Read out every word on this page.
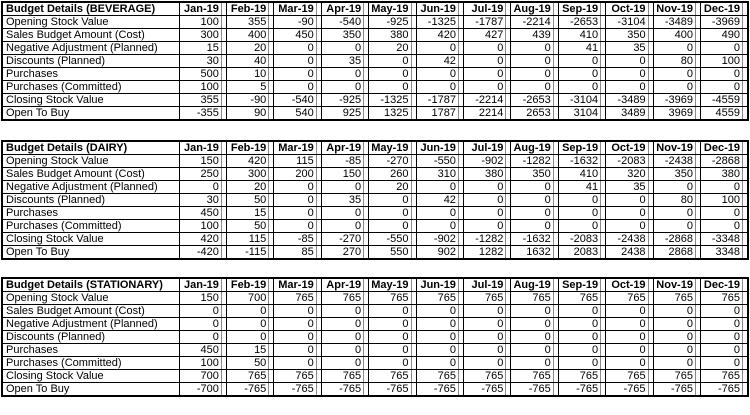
Budget Details (BEVERAGE)	Jan-19	Feb-19	Mar-19	Apr-19	May-19	Jun-19	Jul-19	Aug-19	Sep-19	Oct-19	Nov-19	Dec-19
Opening Stock Value	100	355	-90	-540	-925	-1325	-1787	-2214	-2653	-3104	-3489	-3969
Sales Budget Amount (Cost)	300	400	450	350	380	420	427	439	410	350	400	490
Negative Adjustment (Planned)	15	20	0	0	20	0	0	0	41	35	0	0
Discounts (Planned)	30	40	0	35	0	42	0	0	0	0	80	100
Purchases	500	10	0	0	0	0	0	0	0	0	0	0
Purchases (Committed)	100	5	0	0	0	0	0	0	0	0	0	0
Closing Stock Value	355	-90	-540	-925	-1325	-1787	-2214	-2653	-3104	-3489	-3969	-4559
Open To Buy	-355	90	540	925	1325	1787	2214	2653	3104	3489	3969	4559
Budget Details (DAIRY)	Jan-19	Feb-19	Mar-19	Apr-19	May-19	Jun-19	Jul-19	Aug-19	Sep-19	Oct-19	Nov-19	Dec-19
Opening Stock Value	150	420	115	-85	-270	-550	-902	-1282	-1632	-2083	-2438	-2868
Sales Budget Amount (Cost)	250	300	200	150	260	310	380	350	410	320	350	380
Negative Adjustment (Planned)	0	20	0	0	20	0	0	0	41	35	0	0
Discounts (Planned)	30	50	0	35	0	42	0	0	0	0	80	100
Purchases	450	15	0	0	0	0	0	0	0	0	0	0
Purchases (Committed)	100	50	0	0	0	0	0	0	0	0	0	0
Closing Stock Value	420	115	-85	-270	-550	-902	-1282	-1632	-2083	-2438	-2868	-3348
Open To Buy	-420	-115	85	270	550	902	1282	1632	2083	2438	2868	3348
Budget Details (STATIONARY)	Jan-19	Feb-19	Mar-19	Apr-19	May-19	Jun-19	Jul-19	Aug-19	Sep-19	Oct-19	Nov-19	Dec-19
Opening Stock Value	150	700	765	765	765	765	765	765	765	765	765	765
Sales Budget Amount (Cost)	0	0	0	0	0	0	0	0	0	0	0	0
Negative Adjustment (Planned)	0	0	0	0	0	0	0	0	0	0	0	0
Discounts (Planned)	0	0	0	0	0	0	0	0	0	0	0	0
Purchases	450	15	0	0	0	0	0	0	0	0	0	0
Purchases (Committed)	100	50	0	0	0	0	0	0	0	0	0	0
Closing Stock Value	700	765	765	765	765	765	765	765	765	765	765	765
Open To Buy	-700	-765	-765	-765	-765	-765	-765	-765	-765	-765	-765	-765
